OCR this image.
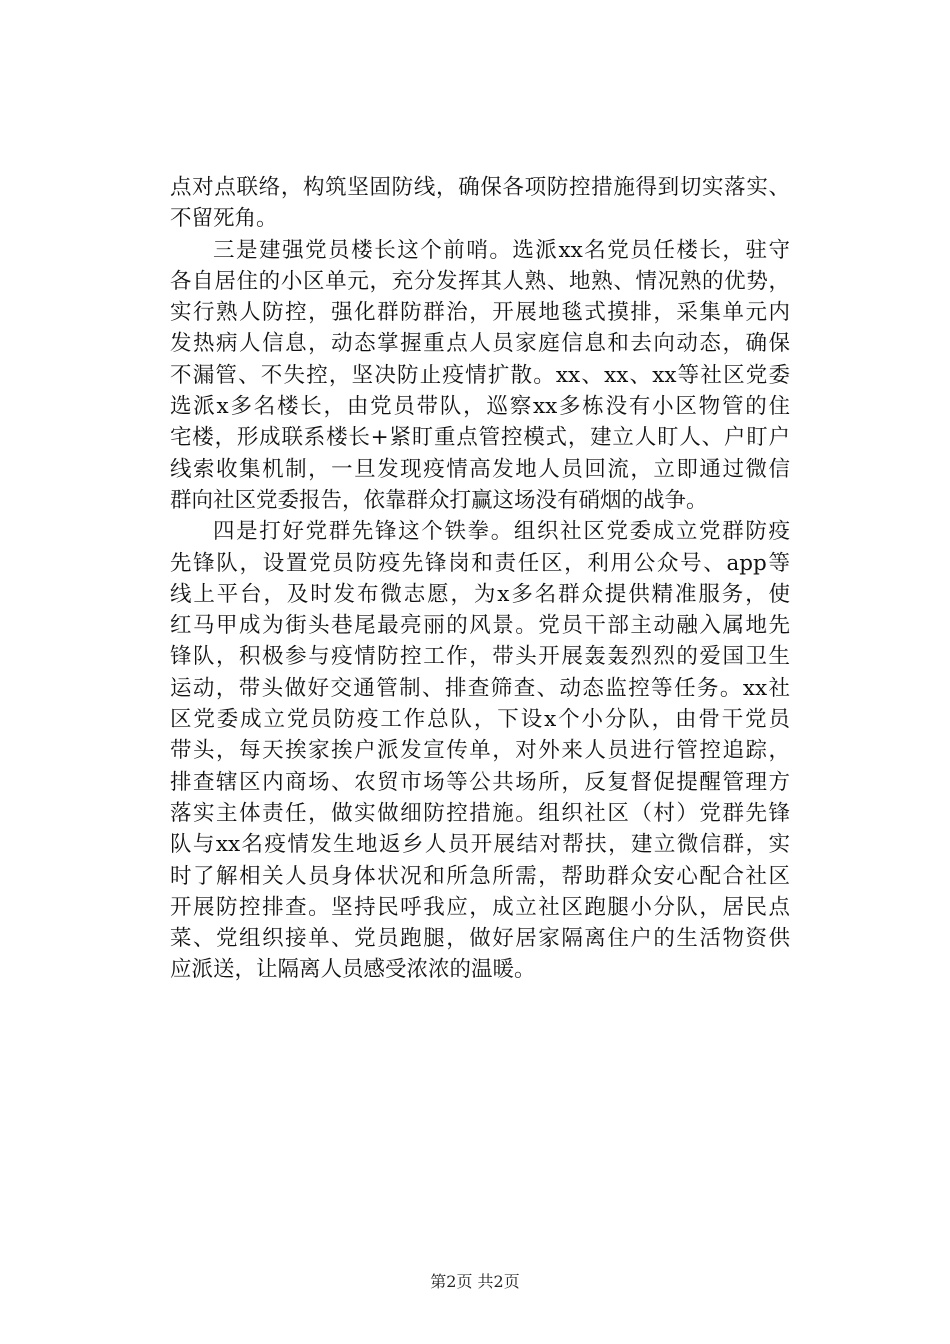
点对点联络，构筑坚固防线，确保各项防控措施得到切实落实、
不留死角。
三是建强党员楼长这个前哨。选派xx名党员任楼长，驻守
各自居住的小区单元，充分发挥其人熟、地熟、情况熟的优势，
实行熟人防控，强化群防群治，开展地毯式摸排，采集单元内
发热病人信息，动态掌握重点人员家庭信息和去向动态，确保
不漏管、不失控，坚决防止疫情扩散。xx、xx、xx等社区党委
选派x多名楼长，由党员带队，巡察xx多栋没有小区物管的住
宅楼，形成联系楼长+紧盯重点管控模式，建立人盯人、户盯户
线索收集机制，一旦发现疫情高发地人员回流，立即通过微信
群向社区党委报告，依靠群众打赢这场没有硝烟的战争。
四是打好党群先锋这个铁拳。组织社区党委成立党群防疫
先锋队，设置党员防疫先锋岗和责任区，利用公众号、app等
线上平台，及时发布微志愿，为x多名群众提供精准服务，使
红马甲成为街头巷尾最亮丽的风景。党员干部主动融入属地先
锋队，积极参与疫情防控工作，带头开展轰轰烈烈的爱国卫生
运动，带头做好交通管制、排查筛查、动态监控等任务。xx社
区党委成立党员防疫工作总队，下设x个小分队，由骨干党员
带头，每天挨家挨户派发宣传单，对外来人员进行管控追踪，
排查辖区内商场、农贸市场等公共场所，反复督促提醒管理方
落实主体责任，做实做细防控措施。组织社区（村）党群先锋
队与xx名疫情发生地返乡人员开展结对帮扶，建立微信群，实
时了解相关人员身体状况和所急所需，帮助群众安心配合社区
开展防控排查。坚持民呼我应，成立社区跑腿小分队，居民点
菜、党组织接单、党员跑腿，做好居家隔离住户的生活物资供
应派送，让隔离人员感受浓浓的温暖。
第2页 共2页
